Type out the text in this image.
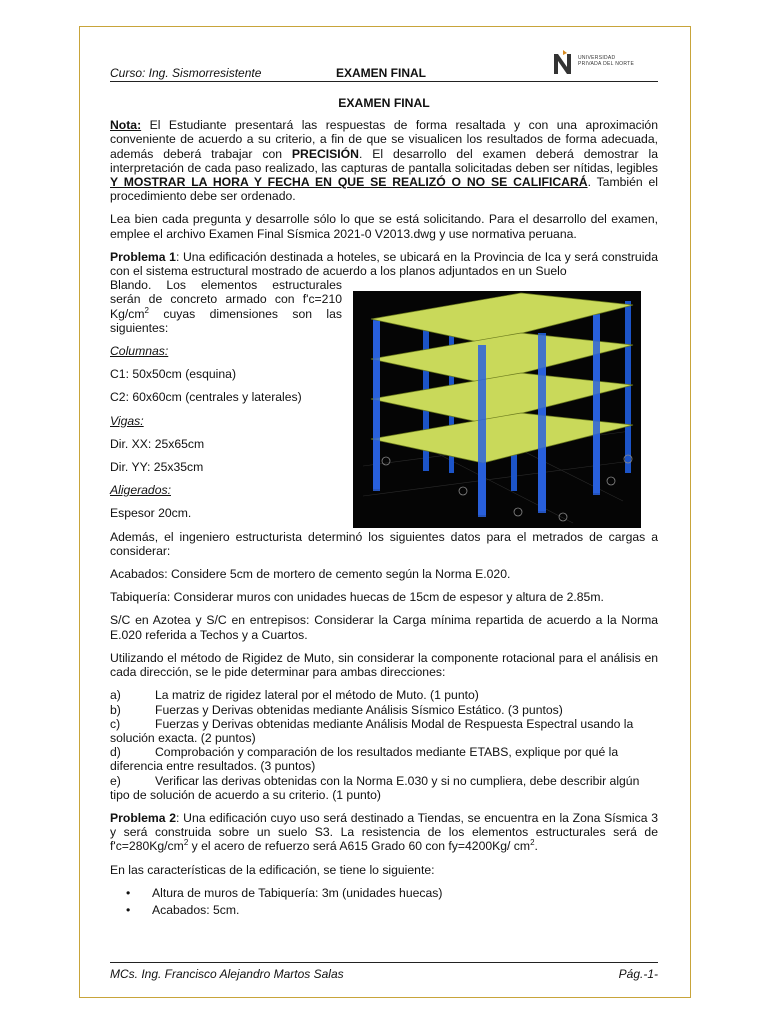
Curso: Ing. Sismorresistente	EXAMEN FINAL
UNIVERSIDAD
PRIVADA DEL NORTE

EXAMEN FINAL

Nota: El Estudiante presentará las respuestas de forma resaltada y con una aproximación conveniente de acuerdo a su criterio, a fin de que se visualicen los resultados de forma adecuada, además deberá trabajar con PRECISIÓN. El desarrollo del examen deberá demostrar la interpretación de cada paso realizado, las capturas de pantalla solicitadas deben ser nítidas, legibles Y MOSTRAR LA HORA Y FECHA EN QUE SE REALIZÓ O NO SE CALIFICARÁ. También el procedimiento debe ser ordenado.

Lea bien cada pregunta y desarrolle sólo lo que se está solicitando. Para el desarrollo del examen, emplee el archivo Examen Final Sísmica 2021-0 V2013.dwg y use normativa peruana.

Problema 1: Una edificación destinada a hoteles, se ubicará en la Provincia de Ica y será construida con el sistema estructural mostrado de acuerdo a los planos adjuntados en un Suelo

Blando. Los elementos estructurales

serán de concreto armado con f'c=210

$Kg/cm^2$ cuyas dimensiones son las

siguientes:

Columnas:

C1: 50x50cm (esquina)

C2: 60x60cm (centrales y laterales)

Vigas:

Dir. XX: 25x65cm

Dir. YY: 25x35cm

Aligerados:

Espesor 20cm.

Además, el ingeniero estructurista determinó los siguientes datos para el metrados de cargas a considerar:

Acabados: Considere 5cm de mortero de cemento según la Norma E.020.

Tabiquería: Considerar muros con unidades huecas de 15cm de espesor y altura de 2.85m.

S/C en Azotea y S/C en entrepisos: Considerar la Carga mínima repartida de acuerdo a la Norma E.020 referida a Techos y a Cuartos.

Utilizando el método de Rigidez de Muto, sin considerar la componente rotacional para el análisis en cada dirección, se le pide determinar para ambas direcciones:

a)	La matriz de rigidez lateral por el método de Muto. (1 punto)
b)	Fuerzas y Derivas obtenidas mediante Análisis Sísmico Estático. (3 puntos)
c)	Fuerzas y Derivas obtenidas mediante Análisis Modal de Respuesta Espectral usando la
solución exacta. (2 puntos)
d)	Comprobación y comparación de los resultados mediante ETABS, explique por qué la
diferencia entre resultados. (3 puntos)
e)	Verificar las derivas obtenidas con la Norma E.030 y si no cumpliera, debe describir algún
tipo de solución de acuerdo a su criterio. (1 punto)

Problema 2: Una edificación cuyo uso será destinado a Tiendas, se encuentra en la Zona Sísmica 3 y será construida sobre un suelo S3. La resistencia de los elementos estructurales será de $f'c=280Kg/cm^2$ y el acero de refuerzo será A615 Grado 60 con fy=4200Kg/ $cm^2$.

En las características de la edificación, se tiene lo siguiente:

•	Altura de muros de Tabiquería: 3m (unidades huecas)
•	Acabados: 5cm.
MCs. Ing. Francisco Alejandro Martos Salas	Pág.-1-
